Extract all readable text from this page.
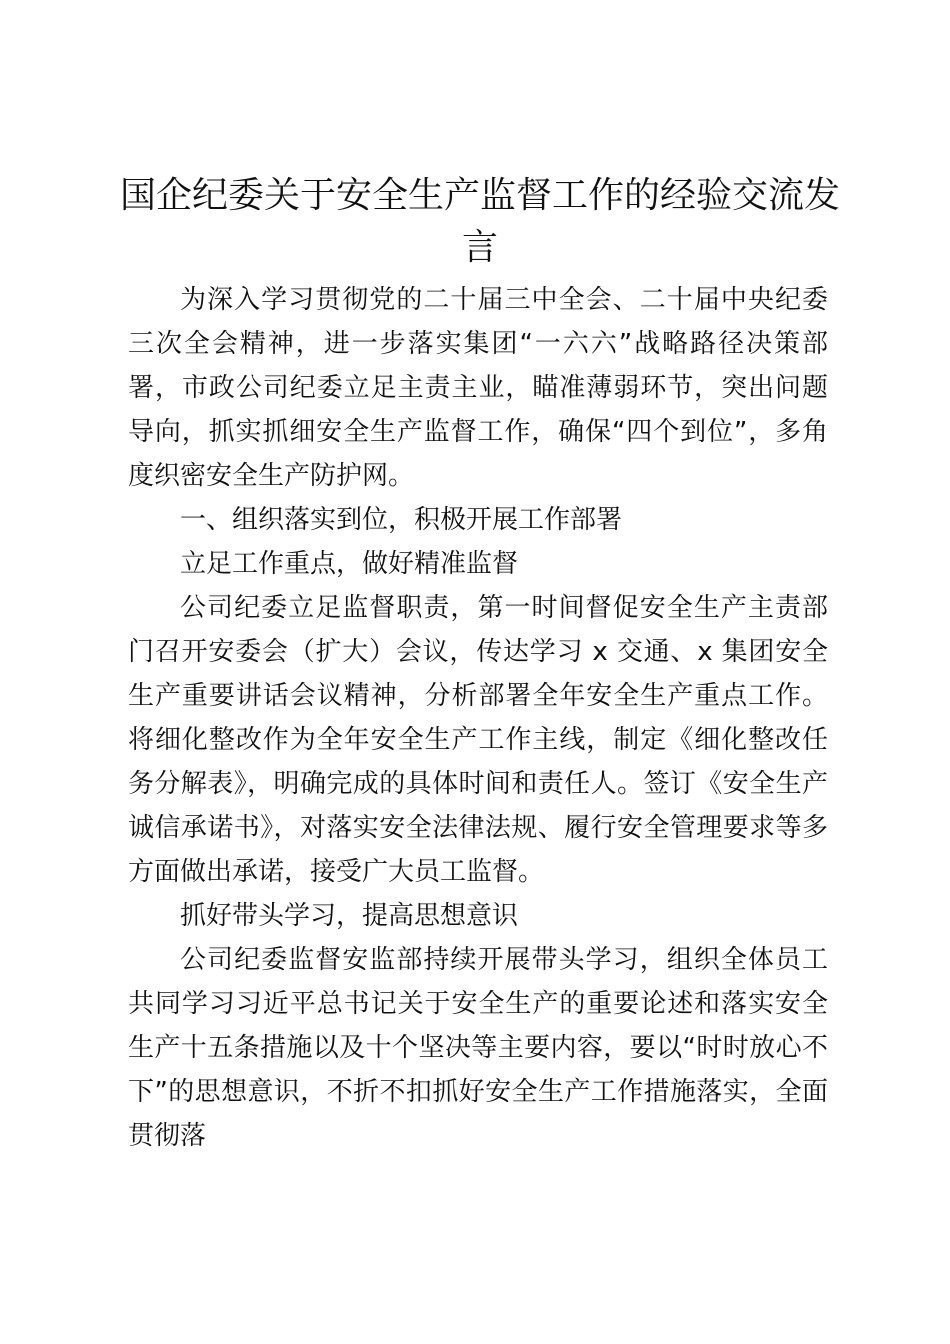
国企纪委关于安全生产监督工作的经验交流发言

为深入学习贯彻党的二十届三中全会、二十届中央纪委三次全会精神，进一步落实集团“一六六”战略路径决策部署，市政公司纪委立足主责主业，瞄准薄弱环节，突出问题导向，抓实抓细安全生产监督工作，确保“四个到位”，多角度织密安全生产防护网。

一、组织落实到位，积极开展工作部署

立足工作重点，做好精准监督

公司纪委立足监督职责，第一时间督促安全生产主责部门召开安委会（扩大）会议，传达学习 x 交通、x 集团安全生产重要讲话会议精神，分析部署全年安全生产重点工作。将细化整改作为全年安全生产工作主线，制定《细化整改任务分解表》，明确完成的具体时间和责任人。签订《安全生产诚信承诺书》，对落实安全法律法规、履行安全管理要求等多方面做出承诺，接受广大员工监督。

抓好带头学习，提高思想意识

公司纪委监督安监部持续开展带头学习，组织全体员工共同学习习近平总书记关于安全生产的重要论述和落实安全生产十五条措施以及十个坚决等主要内容，要以“时时放心不下”的思想意识，不折不扣抓好安全生产工作措施落实，全面贯彻落
